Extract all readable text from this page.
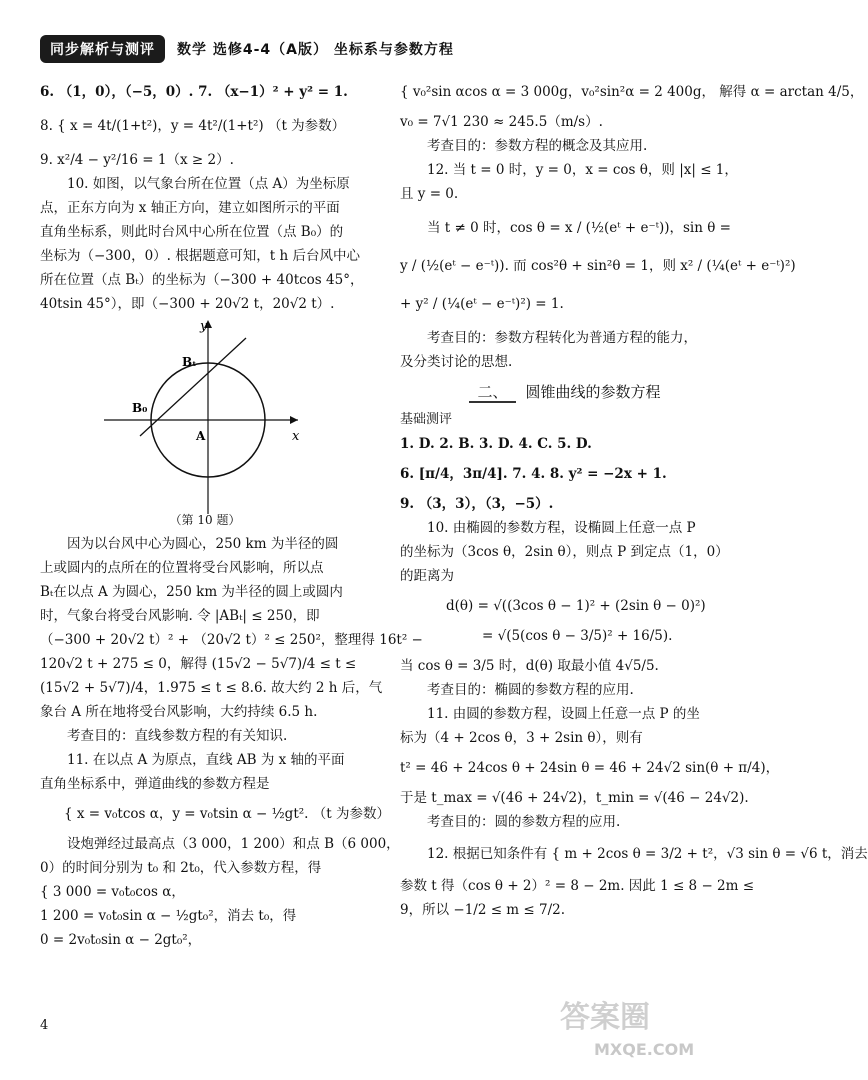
同步解析与测评	数学 选修4-4（A版） 坐标系与参数方程

6. （1，0），（−5，0）. 7. （x−1）² + y² = 1.

8. { x = 4t/(1+t²)，y = 4t²/(1+t²) （t 为参数）

9. x²/4 − y²/16 = 1（x ≥ 2）.

10. 如图，以气象台所在位置（点 A）为坐标原

点，正东方向为 x 轴正方向，建立如图所示的平面

直角坐标系，则此时台风中心所在位置（点 B₀）的

坐标为（−300，0）. 根据题意可知，t h 后台风中心

所在位置（点 Bₜ）的坐标为（−300 + 40tcos 45°，

40tsin 45°），即（−300 + 20√2 t，20√2 t）.

y
x
A
B₀
Bₜ

（第 10 题）

因为以台风中心为圆心，250 km 为半径的圆

上或圆内的点所在的位置将受台风影响，所以点

Bₜ在以点 A 为圆心，250 km 为半径的圆上或圆内

时，气象台将受台风影响. 令 |ABₜ| ≤ 250，即

（−300 + 20√2 t）² + （20√2 t）² ≤ 250²，整理得 16t² −

120√2 t + 275 ≤ 0，解得 (15√2 − 5√7)/4 ≤ t ≤

(15√2 + 5√7)/4，1.975 ≤ t ≤ 8.6. 故大约 2 h 后，气

象台 A 所在地将受台风影响，大约持续 6.5 h.

考查目的：直线参数方程的有关知识.

11. 在以点 A 为原点，直线 AB 为 x 轴的平面

直角坐标系中，弹道曲线的参数方程是

{ x = v₀tcos α，y = v₀tsin α − ½gt². （t 为参数）

设炮弹经过最高点（3 000，1 200）和点 B（6 000，

0）的时间分别为 t₀ 和 2t₀，代入参数方程，得

{ 3 000 = v₀t₀cos α，

1 200 = v₀t₀sin α − ½gt₀²，消去 t₀，得

0 = 2v₀t₀sin α − 2gt₀²，

{ v₀²sin αcos α = 3 000g，v₀²sin²α = 2 400g， 解得 α = arctan 4/5，

v₀ = 7√1 230 ≈ 245.5（m/s）.

考查目的：参数方程的概念及其应用.

12. 当 t = 0 时，y = 0，x = cos θ，则 |x| ≤ 1，

且 y = 0.

当 t ≠ 0 时，cos θ = x / (½(eᵗ + e⁻ᵗ))，sin θ =

y / (½(eᵗ − e⁻ᵗ)). 而 cos²θ + sin²θ = 1，则 x² / (¼(eᵗ + e⁻ᵗ)²)

+ y² / (¼(eᵗ − e⁻ᵗ)²) = 1.

考查目的：参数方程转化为普通方程的能力，

及分类讨论的思想.

二、 圆锥曲线的参数方程

基础测评

1. D. 2. B. 3. D. 4. C. 5. D.

6. [π/4，3π/4]. 7. 4. 8. y² = −2x + 1.

9. （3，3），（3，−5）.

10. 由椭圆的参数方程，设椭圆上任意一点 P

的坐标为（3cos θ，2sin θ），则点 P 到定点（1，0）

的距离为

d(θ) = √((3cos θ − 1)² + (2sin θ − 0)²)

= √(5(cos θ − 3/5)² + 16/5).

当 cos θ = 3/5 时，d(θ) 取最小值 4√5/5.

考查目的：椭圆的参数方程的应用.

11. 由圆的参数方程，设圆上任意一点 P 的坐

标为（4 + 2cos θ，3 + 2sin θ），则有

t² = 46 + 24cos θ + 24sin θ = 46 + 24√2 sin(θ + π/4)，

于是 t_max = √(46 + 24√2)，t_min = √(46 − 24√2).

考查目的：圆的参数方程的应用.

12. 根据已知条件有 { m + 2cos θ = 3/2 + t²，√3 sin θ = √6 t，消去

参数 t 得（cos θ + 2）² = 8 − 2m. 因此 1 ≤ 8 − 2m ≤

9，所以 −1/2 ≤ m ≤ 7/2.

4	答案圈
MXQE.COM
